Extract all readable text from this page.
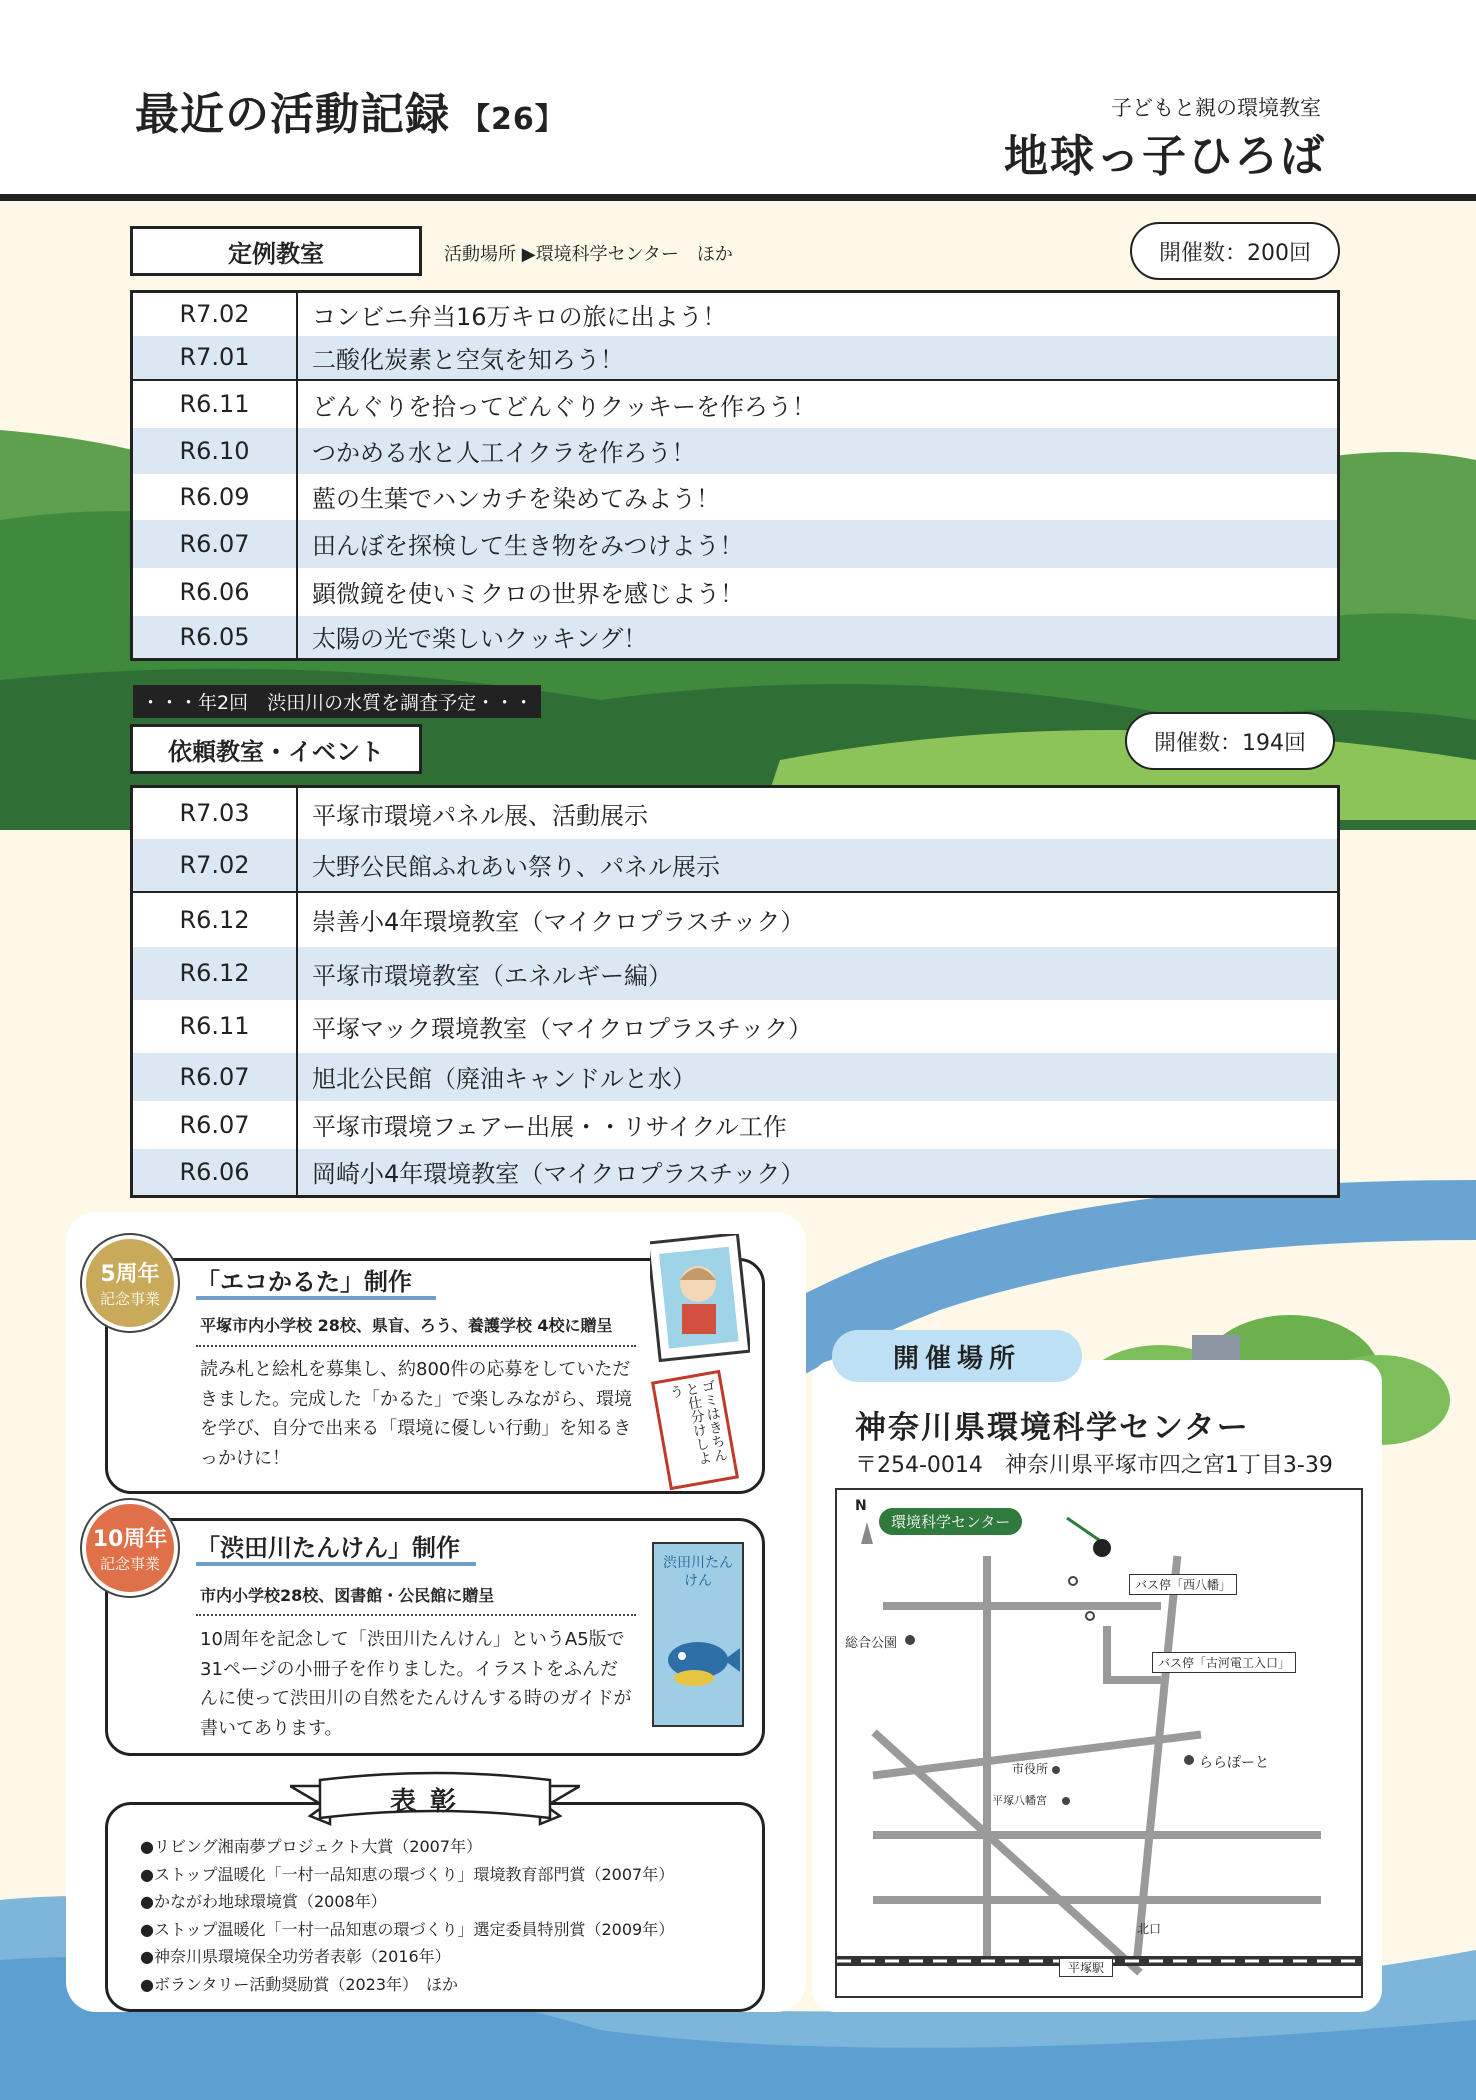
最近の活動記録 【26】	子どもと親の環境教室
地球っ子ひろば
定例教室	活動場所 ▶環境科学センター　ほか	開催数：200回
R7.02	コンビニ弁当16万キロの旅に出よう！
R7.01	二酸化炭素と空気を知ろう！
R6.11	どんぐりを拾ってどんぐりクッキーを作ろう！
R6.10	つかめる水と人工イクラを作ろう！
R6.09	藍の生葉でハンカチを染めてみよう！
R6.07	田んぼを探検して生き物をみつけよう！
R6.06	顕微鏡を使いミクロの世界を感じよう！
R6.05	太陽の光で楽しいクッキング！
・・・年2回　渋田川の水質を調査予定・・・
依頼教室・イベント	開催数：194回
R7.03	平塚市環境パネル展、活動展示
R7.02	大野公民館ふれあい祭り、パネル展示
R6.12	崇善小4年環境教室（マイクロプラスチック）
R6.12	平塚市環境教室（エネルギー編）
R6.11	平塚マック環境教室（マイクロプラスチック）
R6.07	旭北公民館（廃油キャンドルと水）
R6.07	平塚市環境フェアー出展・・リサイクル工作
R6.06	岡崎小4年環境教室（マイクロプラスチック）
5周年
記念事業
「エコかるた」制作
平塚市内小学校 28校、県盲、ろう、養護学校 4校に贈呈
読み札と絵札を募集し、約800件の応募をしていただきました。完成した「かるた」で楽しみながら、環境を学び、自分で出来る「環境に優しい行動」を知るきっかけに！	ゴミはきちんと仕分けしよう
10周年
記念事業
「渋田川たんけん」制作
市内小学校28校、図書館・公民館に贈呈
10周年を記念して「渋田川たんけん」というA5版で31ページの小冊子を作りました。イラストをふんだんに使って渋田川の自然をたんけんする時のガイドが書いてあります。
渋田川たんけん
表彰
●リビング湘南夢プロジェクト大賞（2007年）
●ストップ温暖化「一村一品知恵の環づくり」環境教育部門賞（2007年）
●かながわ地球環境賞（2008年）
●ストップ温暖化「一村一品知恵の環づくり」選定委員特別賞（2009年）
●神奈川県環境保全功労者表彰（2016年）
●ボランタリー活動奨励賞（2023年）　ほか
開催場所
神奈川県環境科学センター
〒254-0014　神奈川県平塚市四之宮1丁目3-39
N
環境科学センター
バス停「西八幡」
バス停「古河電工入口」
総合公園
ららぽーと
市役所
平塚八幡宮
北口
平塚駅
